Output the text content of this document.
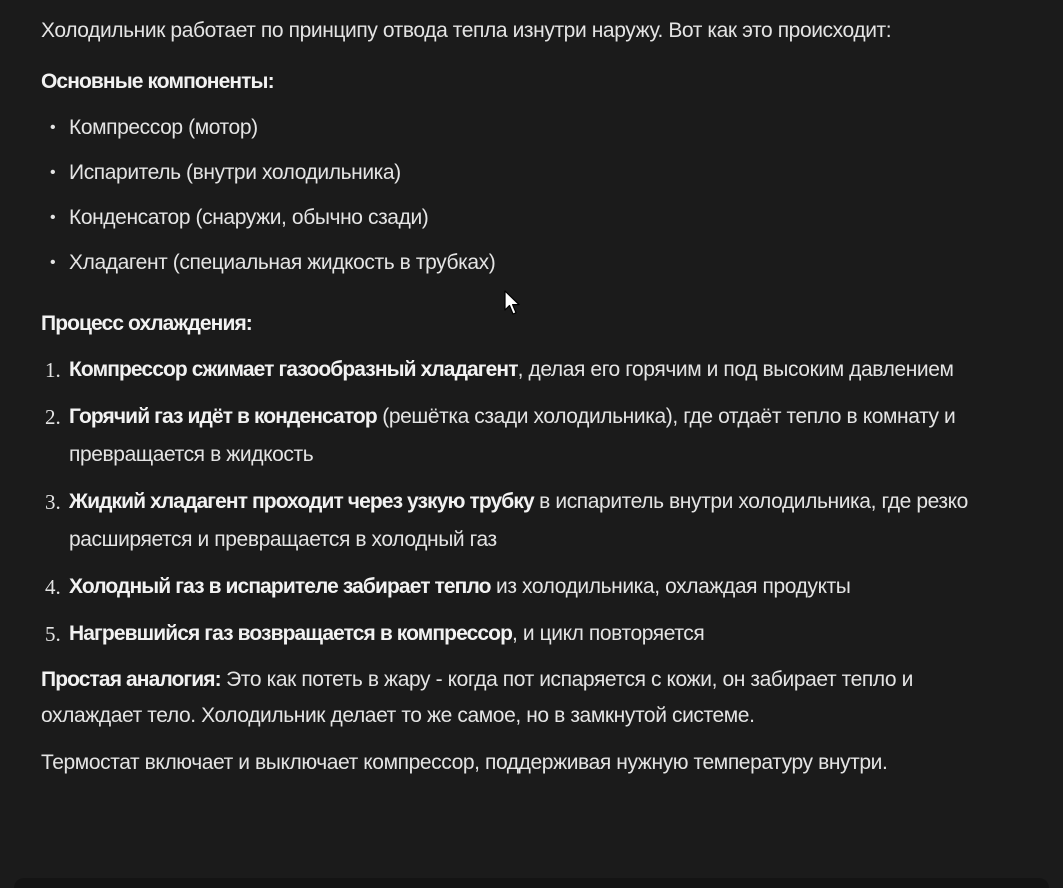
Холодильник работает по принципу отвода тепла изнутри наружу. Вот как это происходит:

Основные компоненты:

• Компрессор (мотор)
• Испаритель (внутри холодильника)
• Конденсатор (снаружи, обычно сзади)
• Хладагент (специальная жидкость в трубках)

Процесс охлаждения:

1. Компрессор сжимает газообразный хладагент, делая его горячим и под высоким давлением
2. Горячий газ идёт в конденсатор (решётка сзади холодильника), где отдаёт тепло в комнату и превращается в жидкость
3. Жидкий хладагент проходит через узкую трубку в испаритель внутри холодильника, где резко расширяется и превращается в холодный газ
4. Холодный газ в испарителе забирает тепло из холодильника, охлаждая продукты
5. Нагревшийся газ возвращается в компрессор, и цикл повторяется

Простая аналогия: Это как потеть в жару - когда пот испаряется с кожи, он забирает тепло и охлаждает тело. Холодильник делает то же самое, но в замкнутой системе.

Термостат включает и выключает компрессор, поддерживая нужную температуру внутри.
